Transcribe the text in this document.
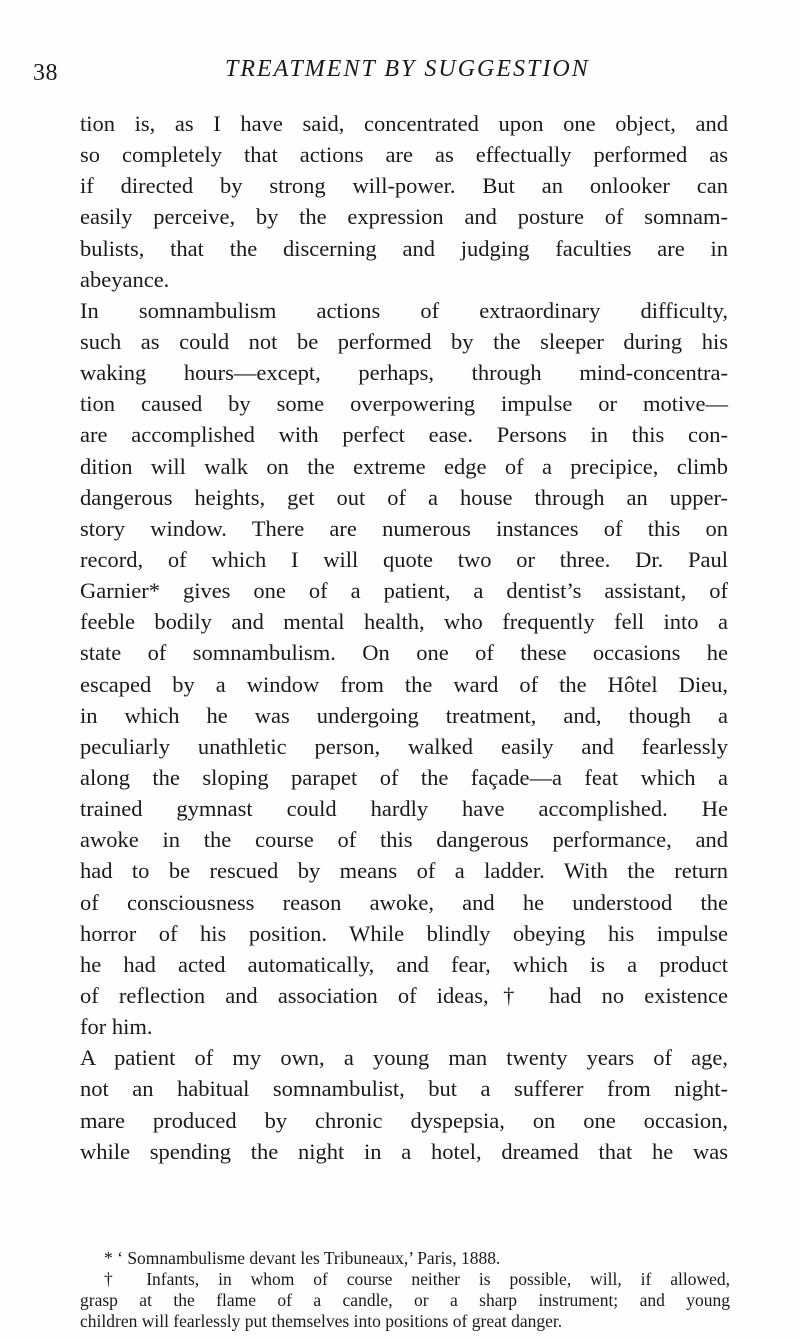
38	TREATMENT BY SUGGESTION
tion is, as I have said, concentrated upon one object, and
so completely that actions are as effectually performed as
if directed by strong will-power. But an onlooker can
easily perceive, by the expression and posture of somnam-
bulists, that the discerning and judging faculties are in
abeyance.
In somnambulism actions of extraordinary difficulty,
such as could not be performed by the sleeper during his
waking hours—except, perhaps, through mind-concentra-
tion caused by some overpowering impulse or motive—
are accomplished with perfect ease. Persons in this con-
dition will walk on the extreme edge of a precipice, climb
dangerous heights, get out of a house through an upper-
story window. There are numerous instances of this on
record, of which I will quote two or three. Dr. Paul
Garnier* gives one of a patient, a dentist’s assistant, of
feeble bodily and mental health, who frequently fell into a
state of somnambulism. On one of these occasions he
escaped by a window from the ward of the Hôtel Dieu,
in which he was undergoing treatment, and, though a
peculiarly unathletic person, walked easily and fearlessly
along the sloping parapet of the façade—a feat which a
trained gymnast could hardly have accomplished. He
awoke in the course of this dangerous performance, and
had to be rescued by means of a ladder. With the return
of consciousness reason awoke, and he understood the
horror of his position. While blindly obeying his impulse
he had acted automatically, and fear, which is a product
of reflection and association of ideas,† had no existence
for him.
A patient of my own, a young man twenty years of age,
not an habitual somnambulist, but a sufferer from night-
mare produced by chronic dyspepsia, on one occasion,
while spending the night in a hotel, dreamed that he was
* ‘ Somnambulisme devant les Tribuneaux,’ Paris, 1888.
† Infants, in whom of course neither is possible, will, if allowed,
grasp at the flame of a candle, or a sharp instrument; and young
children will fearlessly put themselves into positions of great danger.
